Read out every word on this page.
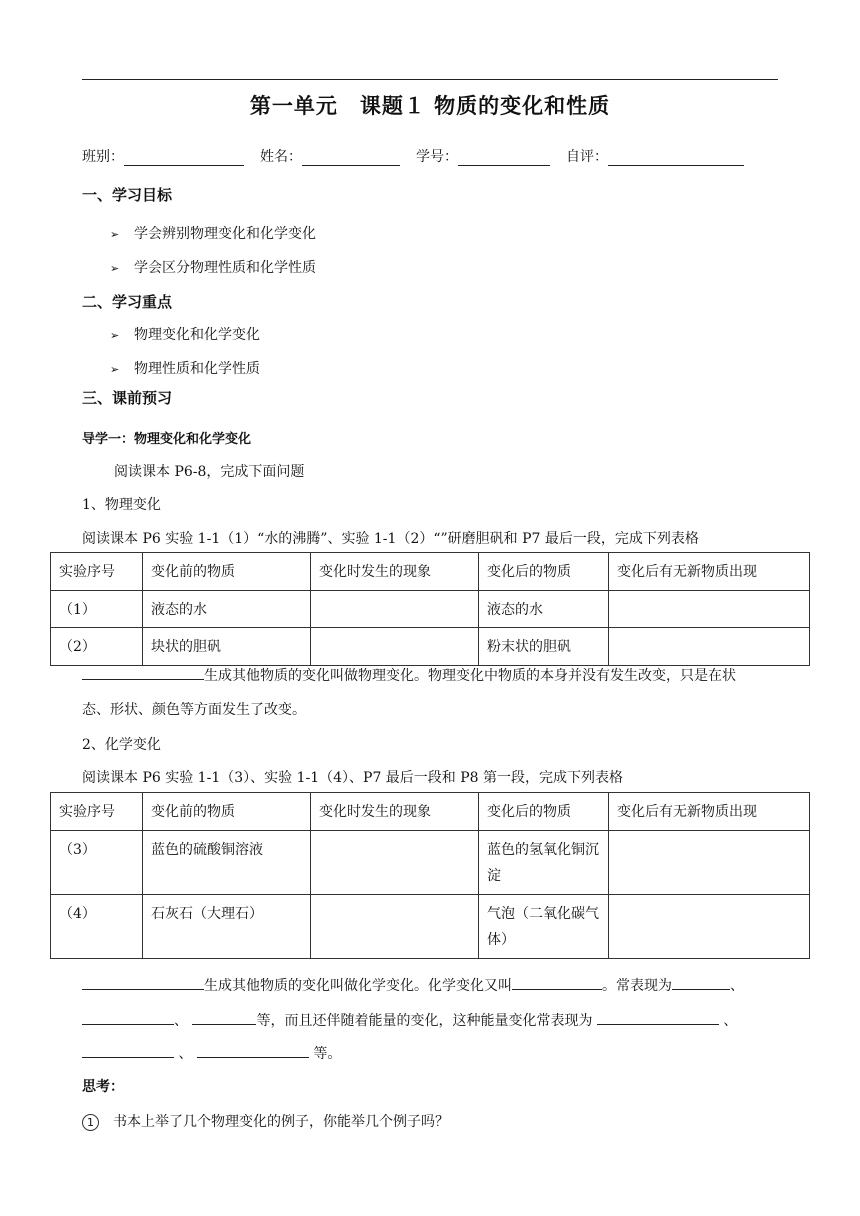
第一单元　课题１ 物质的变化和性质
班别：	姓名：	学号：	自评：
一、学习目标
➢ 学会辨别物理变化和化学变化
➢ 学会区分物理性质和化学性质
二、学习重点
➢ 物理变化和化学变化
➢ 物理性质和化学性质
三、课前预习
导学一：物理变化和化学变化
阅读课本 P6-8，完成下面问题
1、物理变化
阅读课本 P6 实验 1-1（1）“水的沸腾”、实验 1-1（2）“”研磨胆矾和 P7 最后一段，完成下列表格
实验序号	变化前的物质	变化时发生的现象	变化后的物质	变化后有无新物质出现
（1）	液态的水		液态的水	
（2）	块状的胆矾		粉末状的胆矾	
生成其他物质的变化叫做物理变化。物理变化中物质的本身并没有发生改变，只是在状
态、形状、颜色等方面发生了改变。
2、化学变化
阅读课本 P6 实验 1-1（3）、实验 1-1（4）、P7 最后一段和 P8 第一段，完成下列表格
实验序号	变化前的物质	变化时发生的现象	变化后的物质	变化后有无新物质出现
（3）	蓝色的硫酸铜溶液		蓝色的氢氧化铜沉淀	
（4）	石灰石（大理石）		气泡（二氧化碳气体）	
生成其他物质的变化叫做化学变化。化学变化又叫	。常表现为	、
、	等，而且还伴随着能量的变化，这种能量变化常表现为	、
、	等。
思考：
1 书本上举了几个物理变化的例子，你能举几个例子吗？
